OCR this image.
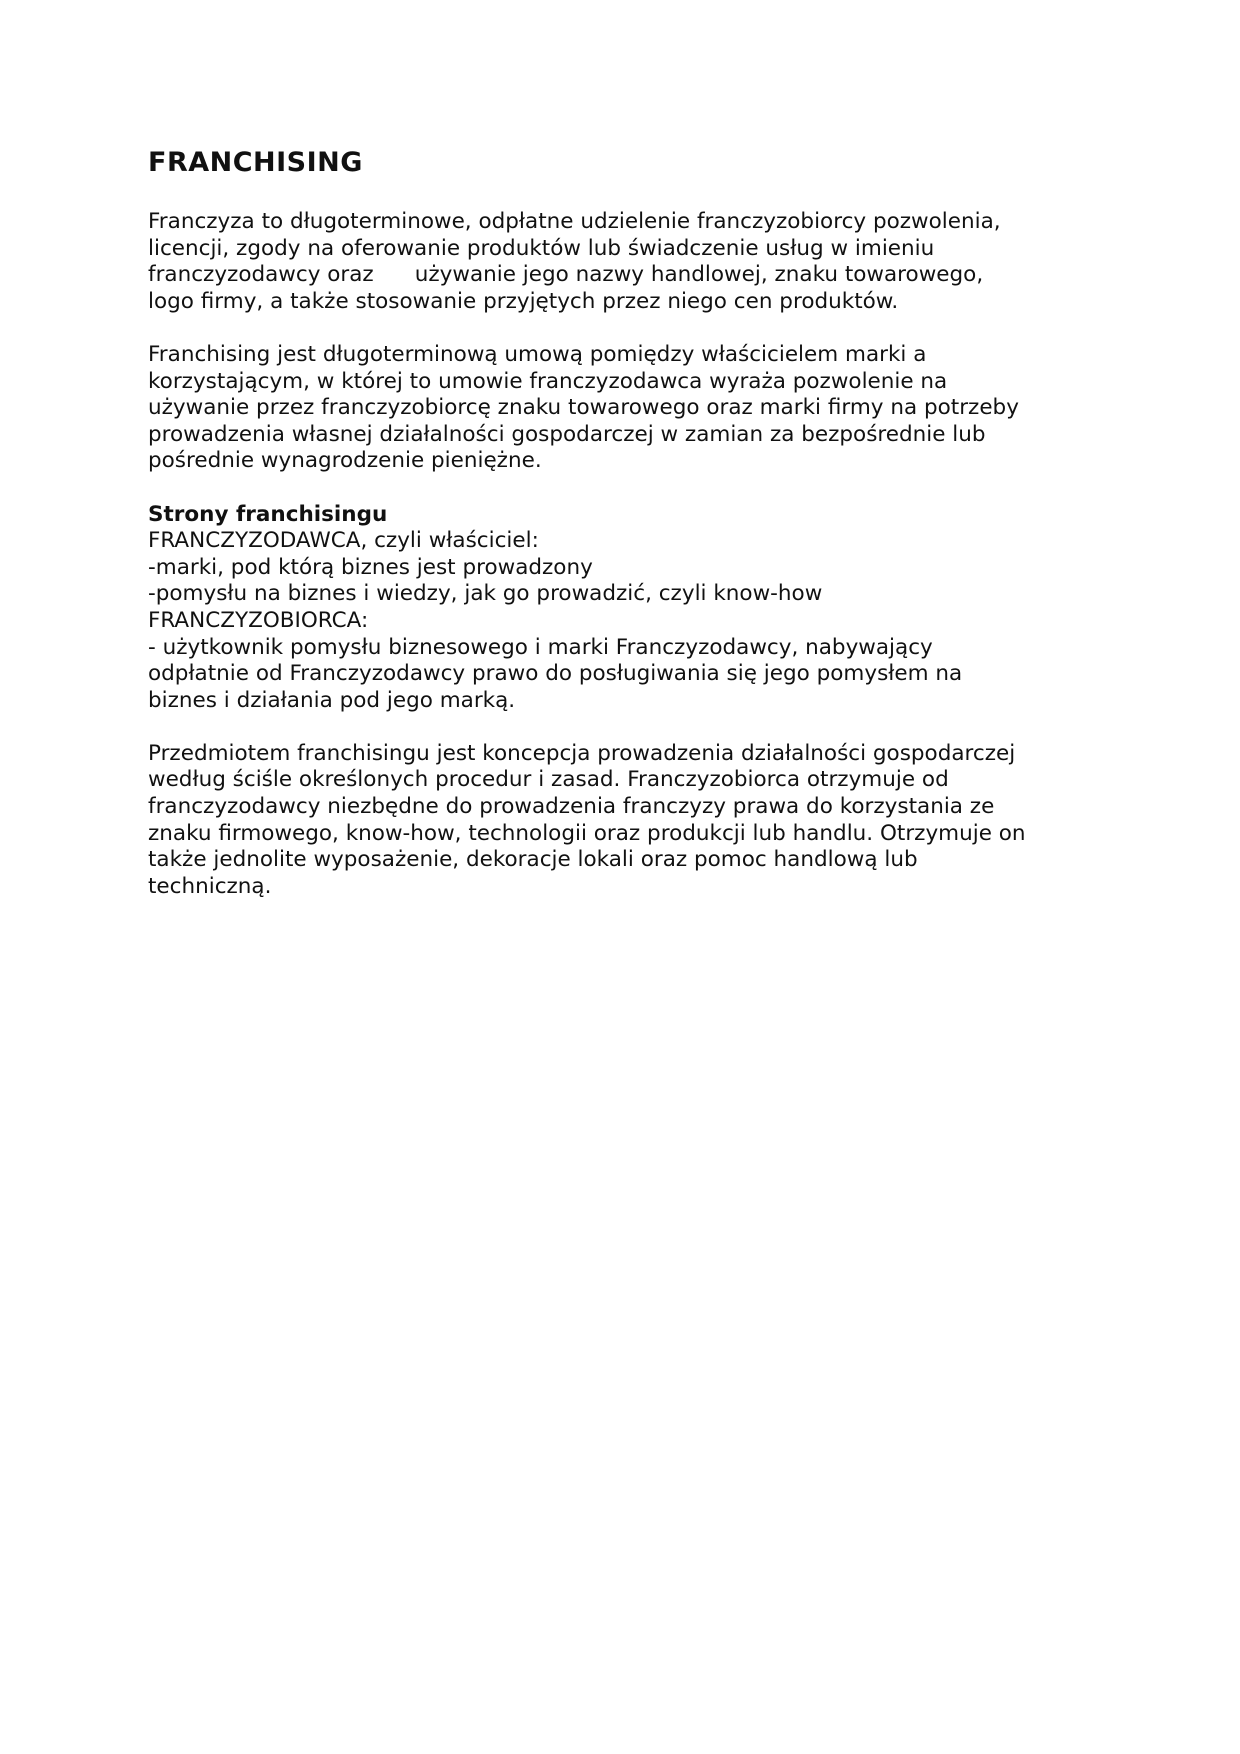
FRANCHISING

Franczyza to długoterminowe, odpłatne udzielenie franczyzobiorcy pozwolenia,
licencji, zgody na oferowanie produktów lub świadczenie usług w imieniu
franczyzodawcy oraz      używanie jego nazwy handlowej, znaku towarowego,
logo firmy, a także stosowanie przyjętych przez niego cen produktów.

Franchising jest długoterminową umową pomiędzy właścicielem marki a
korzystającym, w której to umowie franczyzodawca wyraża pozwolenie na
używanie przez franczyzobiorcę znaku towarowego oraz marki firmy na potrzeby
prowadzenia własnej działalności gospodarczej w zamian za bezpośrednie lub
pośrednie wynagrodzenie pieniężne.

Strony franchisingu
FRANCZYZODAWCA, czyli właściciel:
-marki, pod którą biznes jest prowadzony
-pomysłu na biznes i wiedzy, jak go prowadzić, czyli know-how
FRANCZYZOBIORCA:
- użytkownik pomysłu biznesowego i marki Franczyzodawcy, nabywający
odpłatnie od Franczyzodawcy prawo do posługiwania się jego pomysłem na
biznes i działania pod jego marką.

Przedmiotem franchisingu jest koncepcja prowadzenia działalności gospodarczej
według ściśle określonych procedur i zasad. Franczyzobiorca otrzymuje od
franczyzodawcy niezbędne do prowadzenia franczyzy prawa do korzystania ze
znaku firmowego, know-how, technologii oraz produkcji lub handlu. Otrzymuje on
także jednolite wyposażenie, dekoracje lokali oraz pomoc handlową lub
techniczną.
